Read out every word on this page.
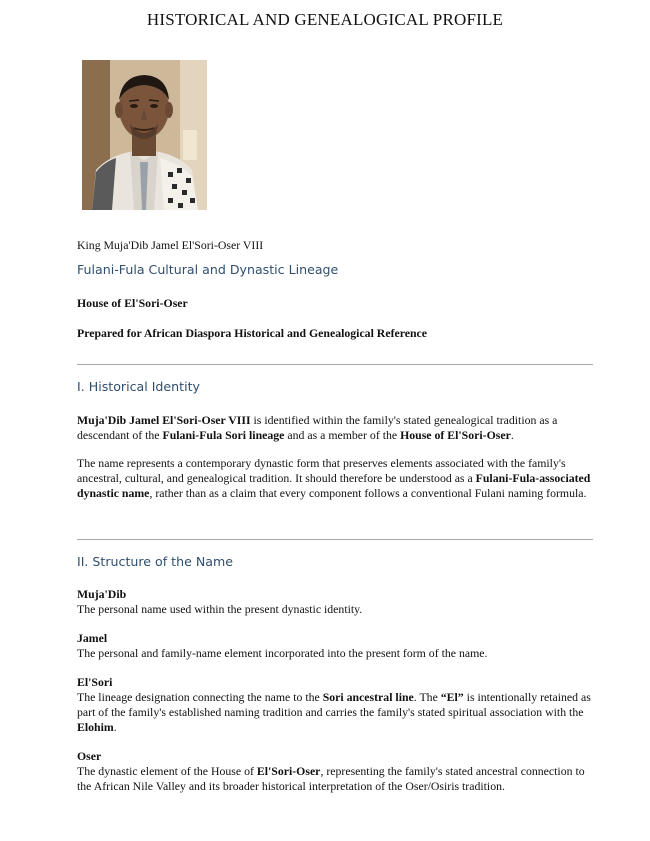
HISTORICAL AND GENEALOGICAL PROFILE
King Muja'Dib Jamel El'Sori-Oser VIII
Fulani-Fula Cultural and Dynastic Lineage
House of El'Sori-Oser
Prepared for African Diaspora Historical and Genealogical Reference
I. Historical Identity

Muja'Dib Jamel El'Sori-Oser VIII is identified within the family's stated genealogical tradition as a descendant of the Fulani-Fula Sori lineage and as a member of the House of El'Sori-Oser.

The name represents a contemporary dynastic form that preserves elements associated with the family's ancestral, cultural, and genealogical tradition. It should therefore be understood as a Fulani-Fula-associated dynastic name, rather than as a claim that every component follows a conventional Fulani naming formula.

II. Structure of the Name
Muja'Dib

The personal name used within the present dynastic identity.

Jamel

The personal and family-name element incorporated into the present form of the name.

El'Sori

The lineage designation connecting the name to the Sori ancestral line. The “El” is intentionally retained as part of the family's established naming tradition and carries the family's stated spiritual association with the Elohim.

Oser

The dynastic element of the House of El'Sori-Oser, representing the family's stated ancestral connection to the African Nile Valley and its broader historical interpretation of the Oser/Osiris tradition.
